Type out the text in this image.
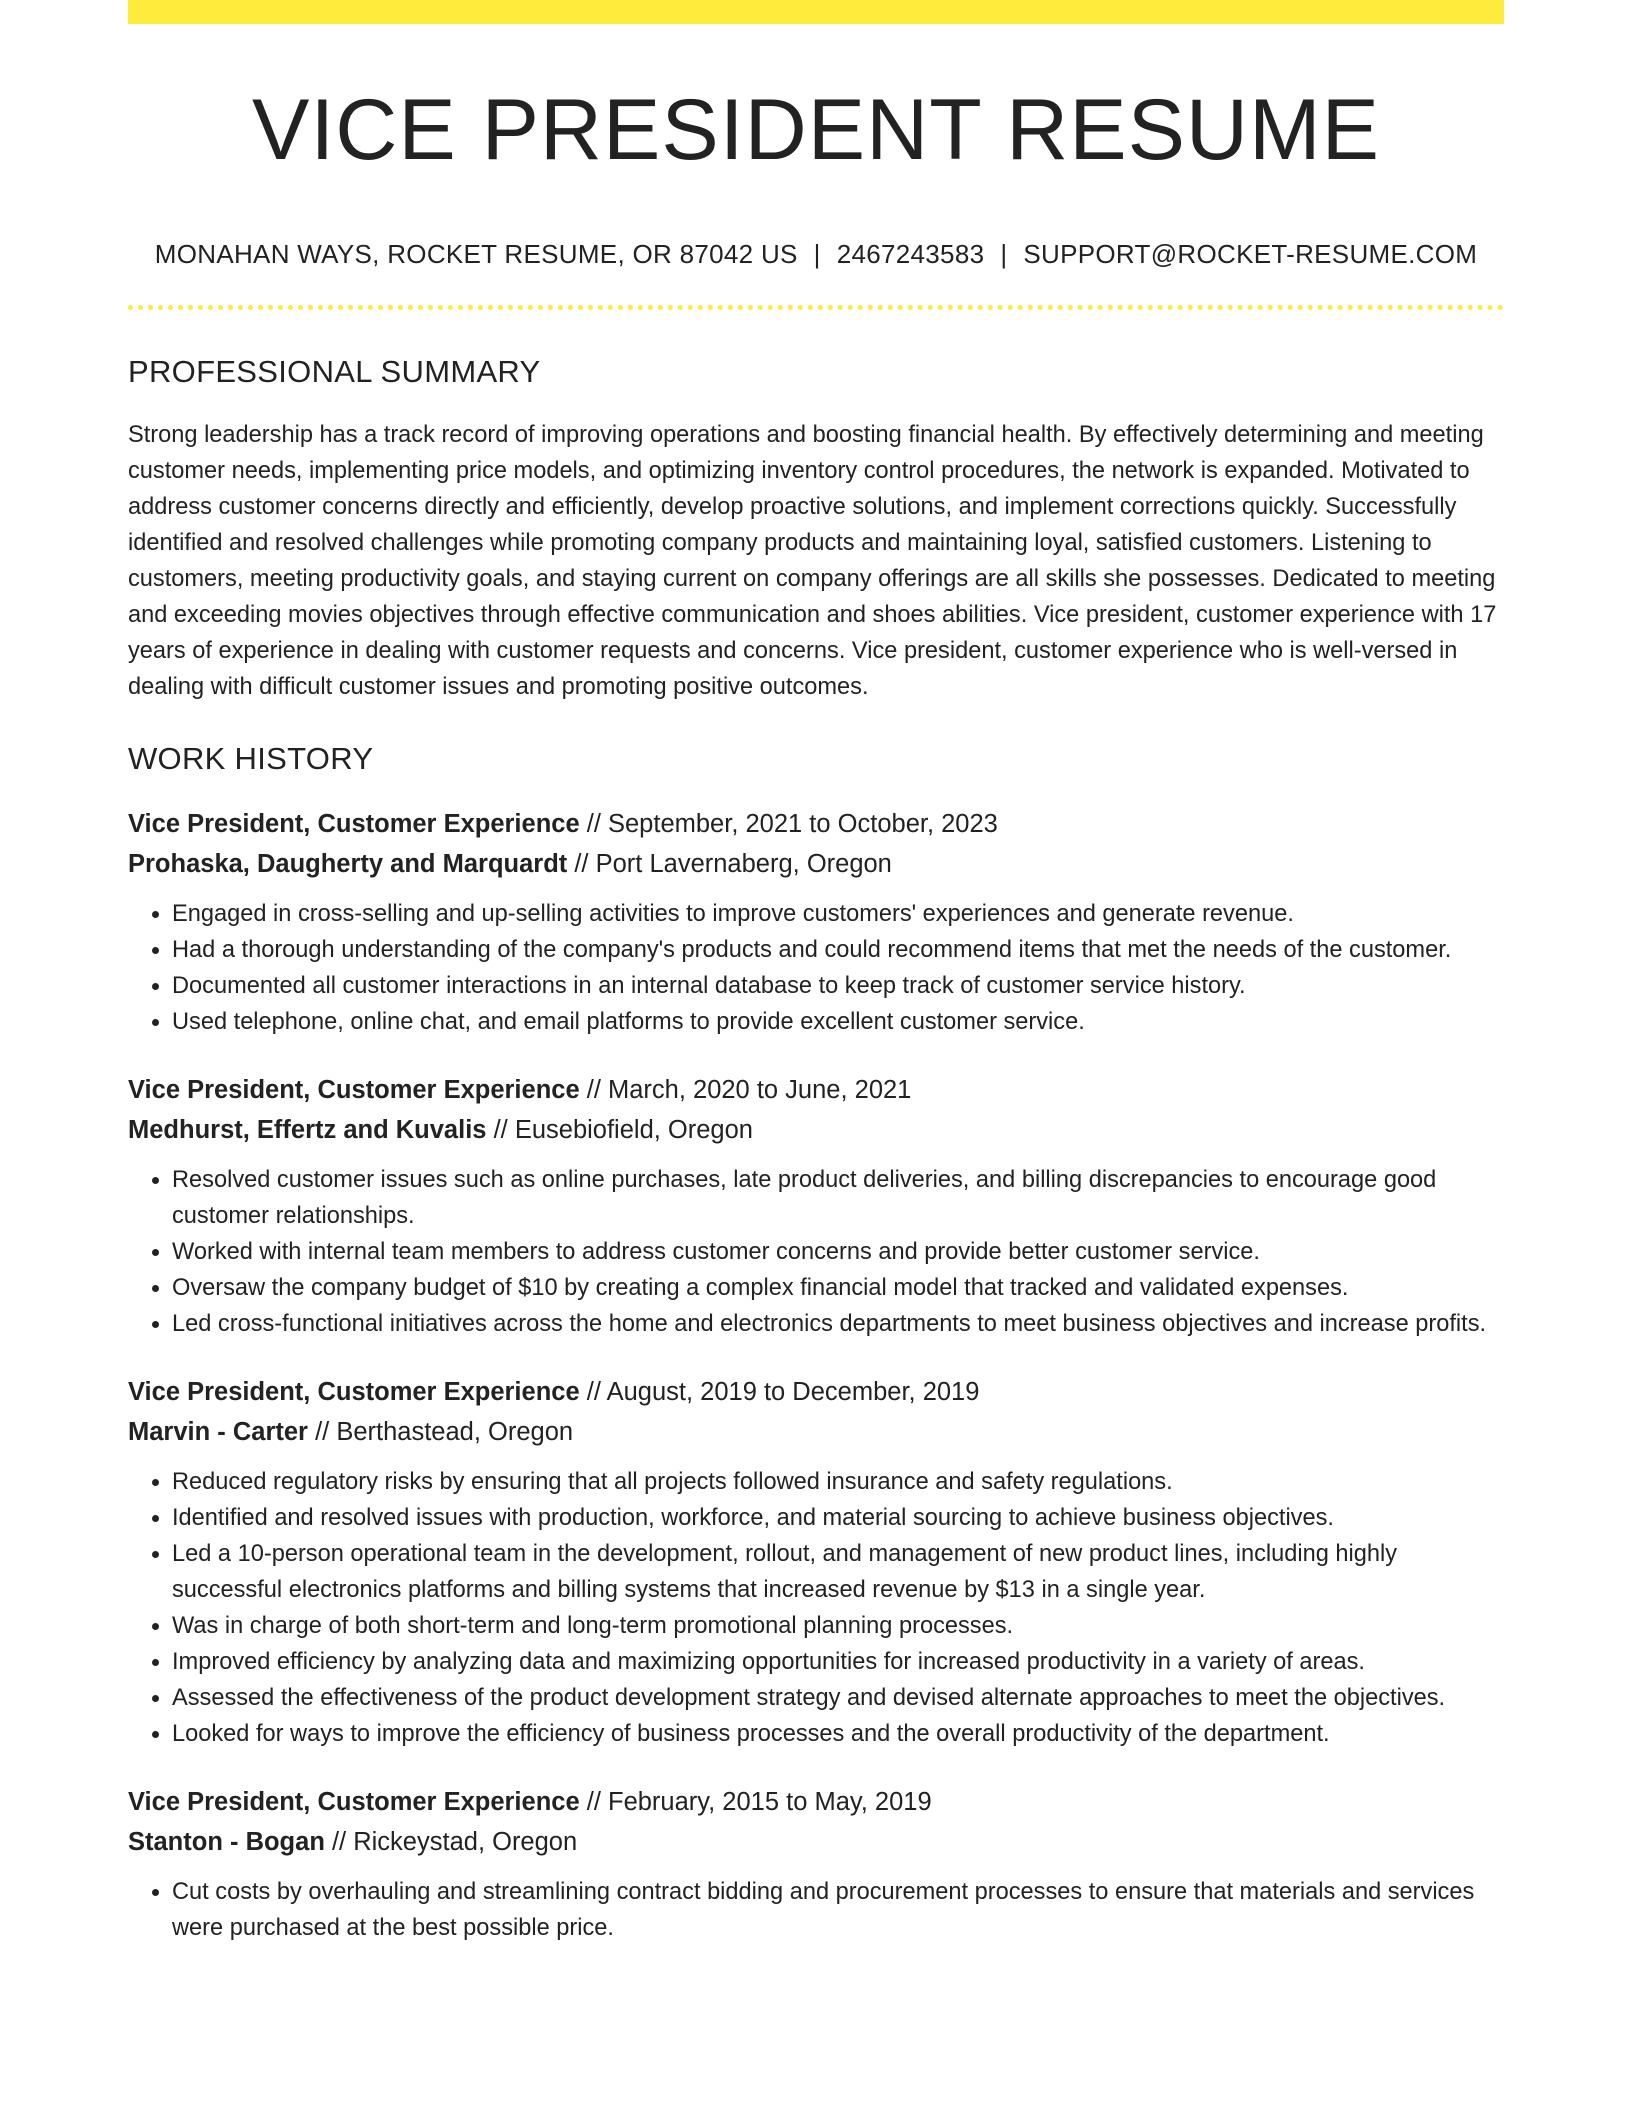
VICE PRESIDENT RESUME
MONAHAN WAYS, ROCKET RESUME, OR 87042 US | 2467243583 | SUPPORT@ROCKET-RESUME.COM
PROFESSIONAL SUMMARY

Strong leadership has a track record of improving operations and boosting financial health. By effectively determining and meeting customer needs, implementing price models, and optimizing inventory control procedures, the network is expanded. Motivated to address customer concerns directly and efficiently, develop proactive solutions, and implement corrections quickly. Successfully identified and resolved challenges while promoting company products and maintaining loyal, satisfied customers. Listening to customers, meeting productivity goals, and staying current on company offerings are all skills she possesses. Dedicated to meeting and exceeding movies objectives through effective communication and shoes abilities. Vice president, customer experience with 17 years of experience in dealing with customer requests and concerns. Vice president, customer experience who is well-versed in dealing with difficult customer issues and promoting positive outcomes.

WORK HISTORY
Vice President, Customer Experience // September, 2021 to October, 2023
Prohaska, Daugherty and Marquardt // Port Lavernaberg, Oregon
• Engaged in cross-selling and up-selling activities to improve customers' experiences and generate revenue.
• Had a thorough understanding of the company's products and could recommend items that met the needs of the customer.
• Documented all customer interactions in an internal database to keep track of customer service history.
• Used telephone, online chat, and email platforms to provide excellent customer service.
Vice President, Customer Experience // March, 2020 to June, 2021
Medhurst, Effertz and Kuvalis // Eusebiofield, Oregon
• Resolved customer issues such as online purchases, late product deliveries, and billing discrepancies to encourage good customer relationships.
• Worked with internal team members to address customer concerns and provide better customer service.
• Oversaw the company budget of $10 by creating a complex financial model that tracked and validated expenses.
• Led cross-functional initiatives across the home and electronics departments to meet business objectives and increase profits.
Vice President, Customer Experience // August, 2019 to December, 2019
Marvin - Carter // Berthastead, Oregon
• Reduced regulatory risks by ensuring that all projects followed insurance and safety regulations.
• Identified and resolved issues with production, workforce, and material sourcing to achieve business objectives.
• Led a 10-person operational team in the development, rollout, and management of new product lines, including highly successful electronics platforms and billing systems that increased revenue by $13 in a single year.
• Was in charge of both short-term and long-term promotional planning processes.
• Improved efficiency by analyzing data and maximizing opportunities for increased productivity in a variety of areas.
• Assessed the effectiveness of the product development strategy and devised alternate approaches to meet the objectives.
• Looked for ways to improve the efficiency of business processes and the overall productivity of the department.
Vice President, Customer Experience // February, 2015 to May, 2019
Stanton - Bogan // Rickeystad, Oregon
• Cut costs by overhauling and streamlining contract bidding and procurement processes to ensure that materials and services were purchased at the best possible price.
